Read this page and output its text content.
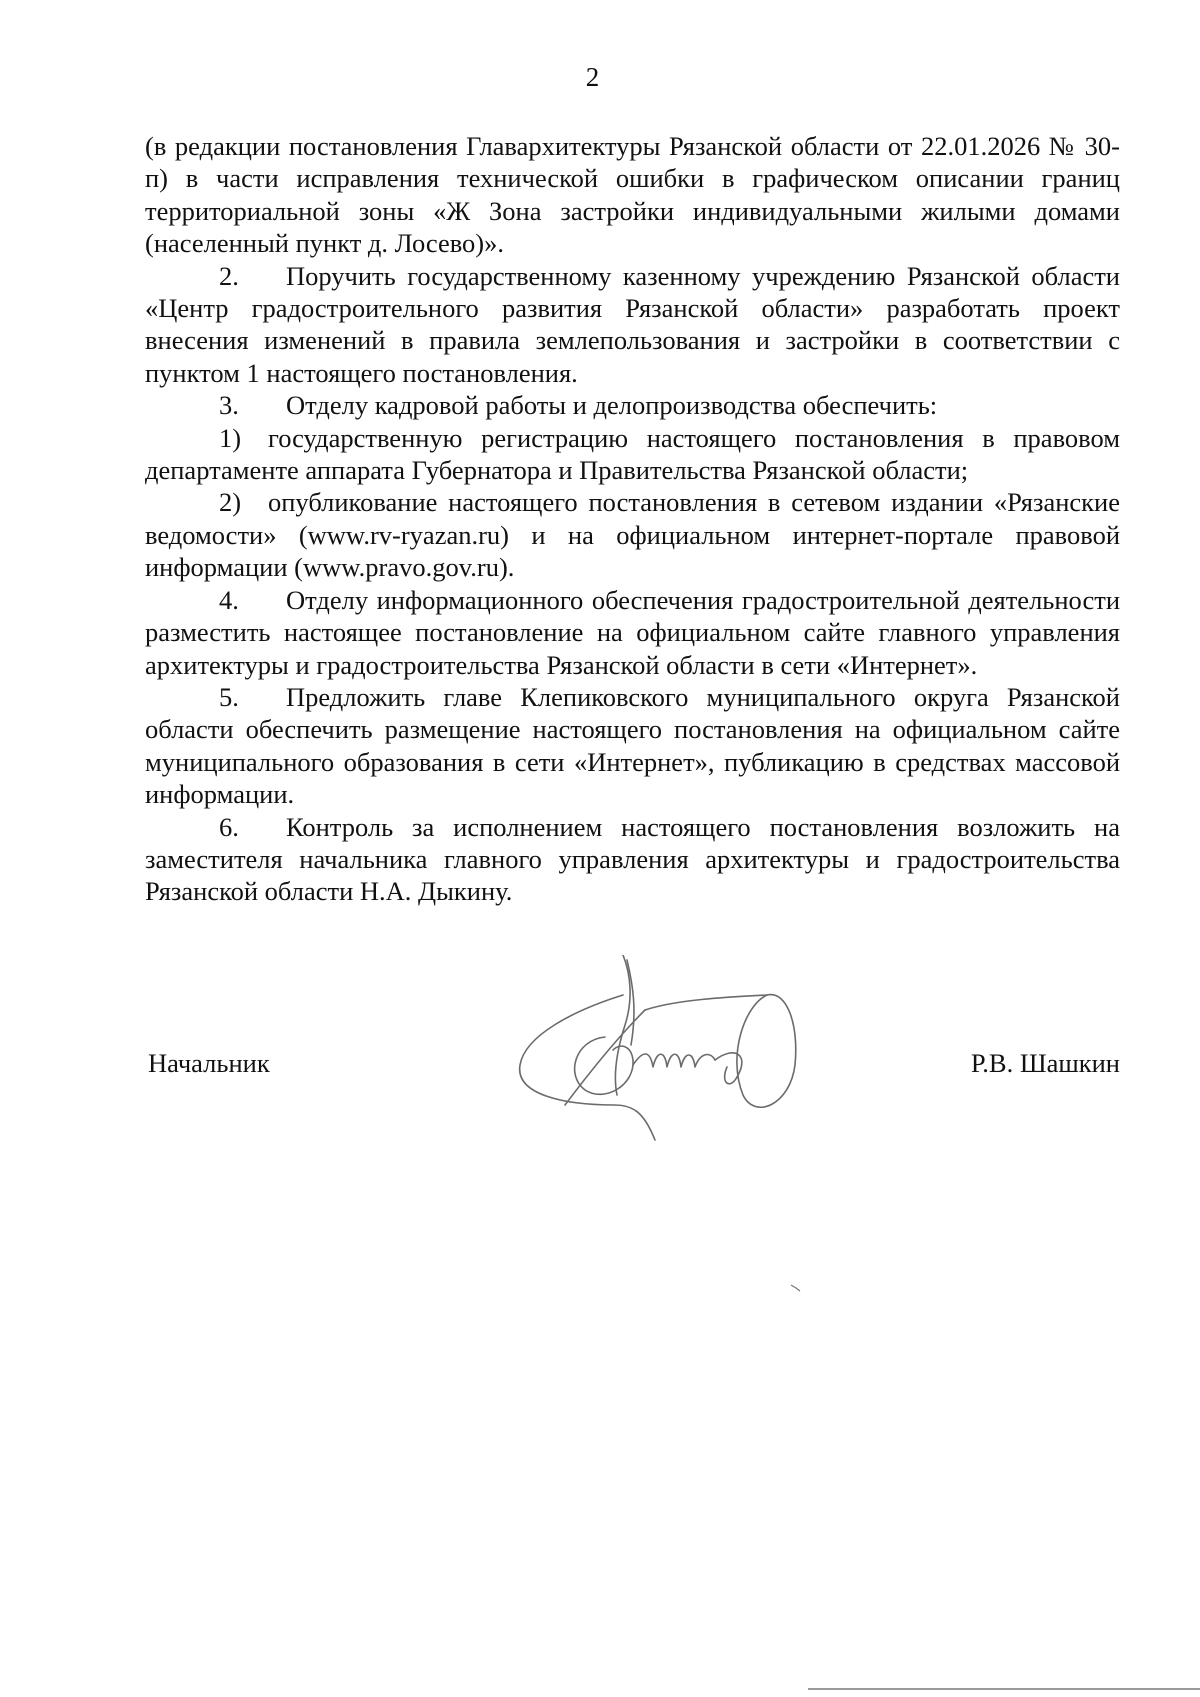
2

(в редакции постановления Главархитектуры Рязанской области от 22.01.2026 № 30-п) в части исправления технической ошибки в графическом описании границ территориальной зоны «Ж Зона застройки индивидуальными жилыми домами (населенный пункт д. Лосево)».

2. Поручить государственному казенному учреждению Рязанской области «Центр градостроительного развития Рязанской области» разработать проект внесения изменений в правила землепользования и застройки в соответствии с пунктом 1 настоящего постановления.

3. Отделу кадровой работы и делопроизводства обеспечить:

1) государственную регистрацию настоящего постановления в правовом департаменте аппарата Губернатора и Правительства Рязанской области;

2) опубликование настоящего постановления в сетевом издании «Рязанские ведомости» (www.rv-ryazan.ru) и на официальном интернет-портале правовой информации (www.pravo.gov.ru).

4. Отделу информационного обеспечения градостроительной деятельности разместить настоящее постановление на официальном сайте главного управления архитектуры и градостроительства Рязанской области в сети «Интернет».

5. Предложить главе Клепиковского муниципального округа Рязанской области обеспечить размещение настоящего постановления на официальном сайте муниципального образования в сети «Интернет», публикацию в средствах массовой информации.

6. Контроль за исполнением настоящего постановления возложить на заместителя начальника главного управления архитектуры и градостроительства Рязанской области Н.А. Дыкину.

Начальник	Р.В. Шашкин
